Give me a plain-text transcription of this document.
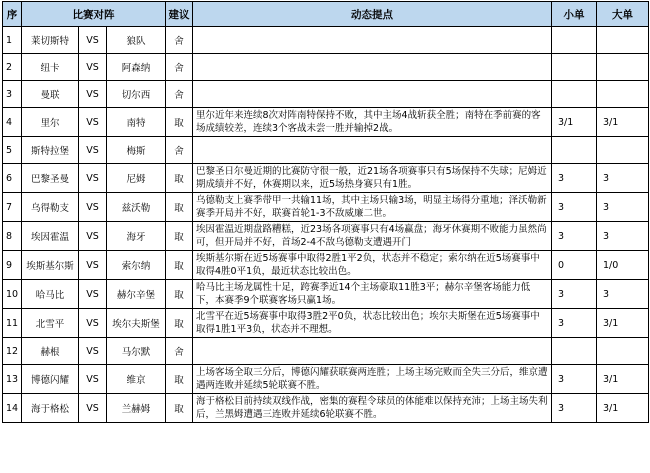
序	比赛对阵			建议	动态提点	小单	大单
1	莱切斯特	VS	狼队	舍			
2	纽卡	VS	阿森纳	舍			
3	曼联	VS	切尔西	舍			
4	里尔	VS	南特	取	里尔近年来连续8次对阵南特保持不败，其中主场4战斩获全胜；南特在季前赛的客场成绩较差，连续3个客战未尝一胜并输掉2战。	3/1	3/1
5	斯特拉堡	VS	梅斯	舍			
6	巴黎圣曼	VS	尼姆	取	巴黎圣日尔曼近期的比赛防守很一般，近21场各项赛事只有5场保持不失球；尼姆近期成绩并不好，休赛期以来，近5场热身赛只有1胜。	3	3
7	乌得勒支	VS	兹沃勒	取	乌德勒支上赛季带甲一共输11场，其中主场只输3场，明显主场得分重地；泽沃勒新赛季开局并不好，联赛首轮1-3不敌威廉二世。	3	3
8	埃因霍温	VS	海牙	取	埃因霍温近期盘路糟糕，近23场各项赛事只有4场赢盘；海牙休赛期不败能力虽然尚可，但开局并不好，首场2-4不敌乌德勒支遭遇开门	3	3
9	埃斯基尔斯	VS	索尔纳	取	埃斯基尔斯在近5场赛事中取得2胜1平2负，状态并不稳定；索尔纳在近5场赛事中取得4胜0平1负，最近状态比较出色。	0	1/0
10	哈马比	VS	赫尔辛堡	取	哈马比主场龙属性十足，跨赛季近14个主场豪取11胜3平；赫尔辛堡客场能力低下，本赛季9个联赛客场只赢1场。	3	3
11	北雪平	VS	埃尔夫斯堡	取	北雪平在近5场赛事中取得3胜2平0负，状态比较出色；埃尔夫斯堡在近5场赛事中取得1胜1平3负，状态并不理想。	3	3/1
12	赫根	VS	马尔默	舍			
13	博德闪耀	VS	维京	取	上场客场全取三分后，博德闪耀获联赛两连胜；上场主场完败而全失三分后，维京遭遇两连败并延续5轮联赛不胜。	3	3/1
14	海于格松	VS	兰赫姆	取	海于格松目前持续双线作战，密集的赛程令球员的体能难以保持充沛；上场主场失利后，兰黑姆遭遇三连败并延续6轮联赛不胜。	3	3/1
